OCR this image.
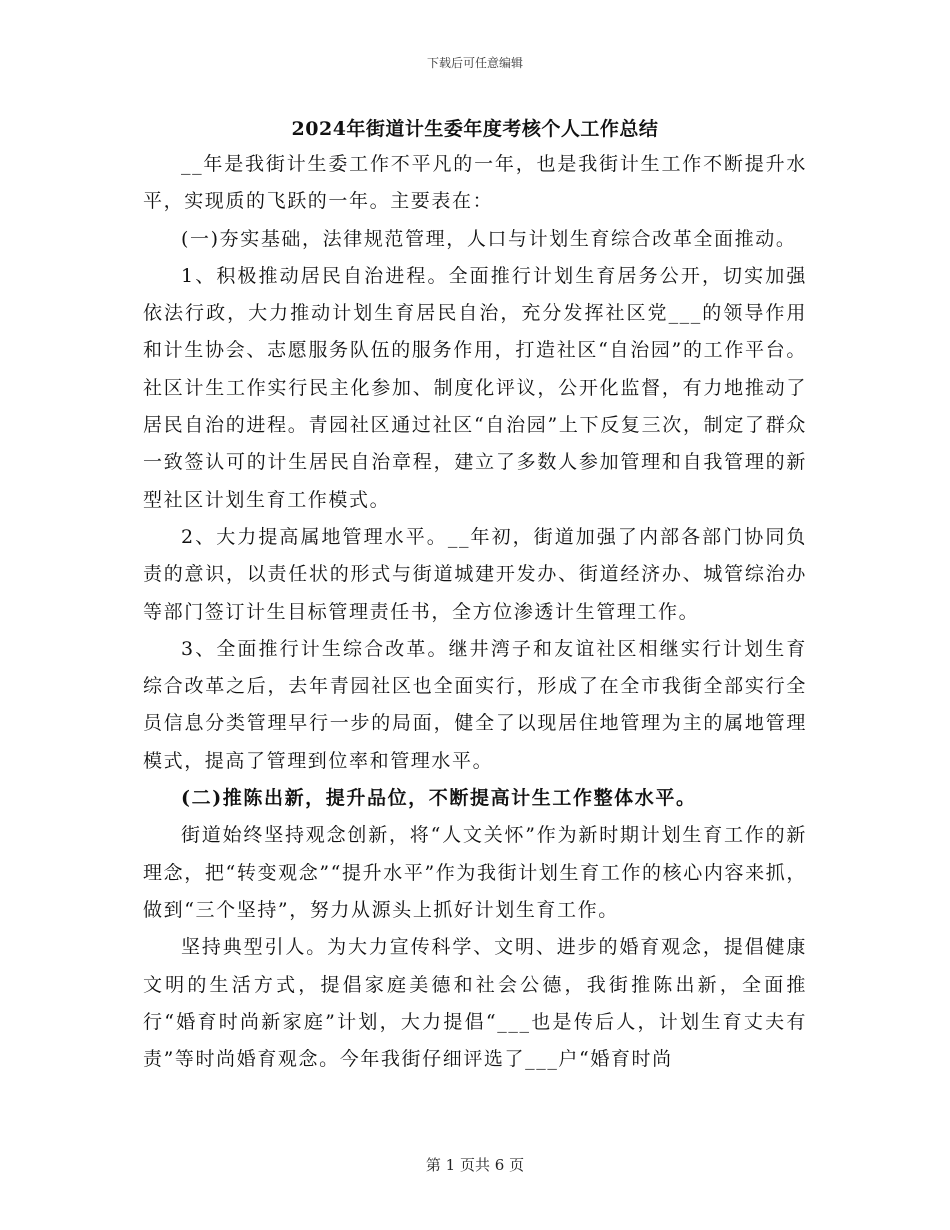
下载后可任意编辑
2024年街道计生委年度考核个人工作总结

__年是我街计生委工作不平凡的一年，也是我街计生工作不断提升水平，实现质的飞跃的一年。主要表在：

(一)夯实基础，法律规范管理，人口与计划生育综合改革全面推动。

1、积极推动居民自治进程。全面推行计划生育居务公开，切实加强依法行政，大力推动计划生育居民自治，充分发挥社区党___的领导作用和计生协会、志愿服务队伍的服务作用，打造社区“自治园”的工作平台。社区计生工作实行民主化参加、制度化评议，公开化监督，有力地推动了居民自治的进程。青园社区通过社区“自治园”上下反复三次，制定了群众一致签认可的计生居民自治章程，建立了多数人参加管理和自我管理的新型社区计划生育工作模式。

2、大力提高属地管理水平。__年初，街道加强了内部各部门协同负责的意识，以责任状的形式与街道城建开发办、街道经济办、城管综治办等部门签订计生目标管理责任书，全方位渗透计生管理工作。

3、全面推行计生综合改革。继井湾子和友谊社区相继实行计划生育综合改革之后，去年青园社区也全面实行，形成了在全市我街全部实行全员信息分类管理早行一步的局面，健全了以现居住地管理为主的属地管理模式，提高了管理到位率和管理水平。

(二)推陈出新，提升品位，不断提高计生工作整体水平。

街道始终坚持观念创新，将“人文关怀”作为新时期计划生育工作的新理念，把“转变观念”“提升水平”作为我街计划生育工作的核心内容来抓，做到“三个坚持”，努力从源头上抓好计划生育工作。

坚持典型引人。为大力宣传科学、文明、进步的婚育观念，提倡健康文明的生活方式，提倡家庭美德和社会公德，我街推陈出新，全面推行“婚育时尚新家庭”计划，大力提倡“___也是传后人，计划生育丈夫有责”等时尚婚育观念。今年我街仔细评选了___户“婚育时尚

第 1 页共 6 页
